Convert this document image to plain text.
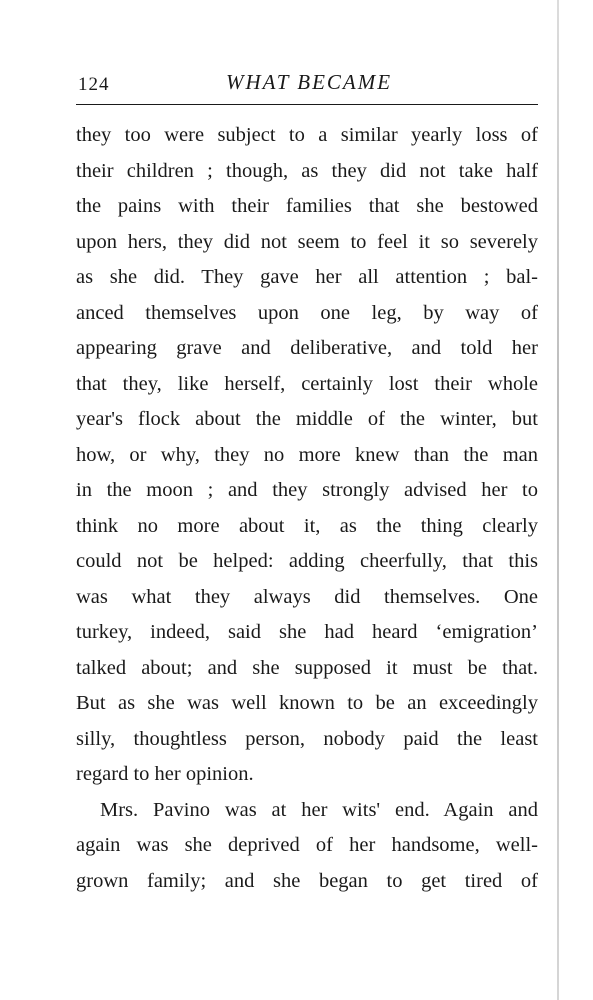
124	WHAT BECAME
they too were subject to a similar yearly loss of
their children ; though, as they did not take half
the pains with their families that she bestowed
upon hers, they did not seem to feel it so severely
as she did. They gave her all attention ; bal-
anced themselves upon one leg, by way of
appearing grave and deliberative, and told her
that they, like herself, certainly lost their whole
year's flock about the middle of the winter, but
how, or why, they no more knew than the man
in the moon ; and they strongly advised her to
think no more about it, as the thing clearly
could not be helped: adding cheerfully, that this
was what they always did themselves. One
turkey, indeed, said she had heard ‘emigration’
talked about; and she supposed it must be that.
But as she was well known to be an exceedingly
silly, thoughtless person, nobody paid the least
regard to her opinion.
Mrs. Pavino was at her wits' end. Again and
again was she deprived of her handsome, well-
grown family; and she began to get tired of
